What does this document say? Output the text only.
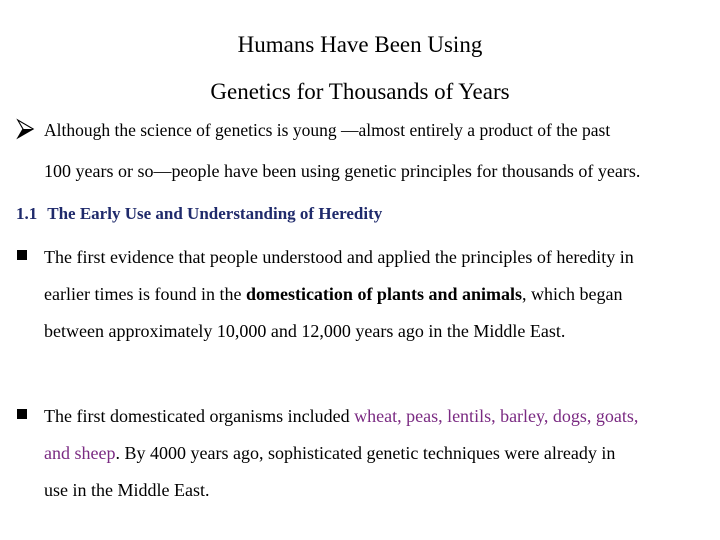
Humans Have Been Using
Genetics for Thousands of Years
⮚ Although the science of genetics is young —almost entirely a product of the past
100 years or so—people have been using genetic principles for thousands of years.
1.1 The Early Use and Understanding of Heredity
The first evidence that people understood and applied the principles of heredity in
earlier times is found in the domestication of plants and animals, which began
between approximately 10,000 and 12,000 years ago in the Middle East.
The first domesticated organisms included wheat, peas, lentils, barley, dogs, goats,
and sheep. By 4000 years ago, sophisticated genetic techniques were already in
use in the Middle East.
